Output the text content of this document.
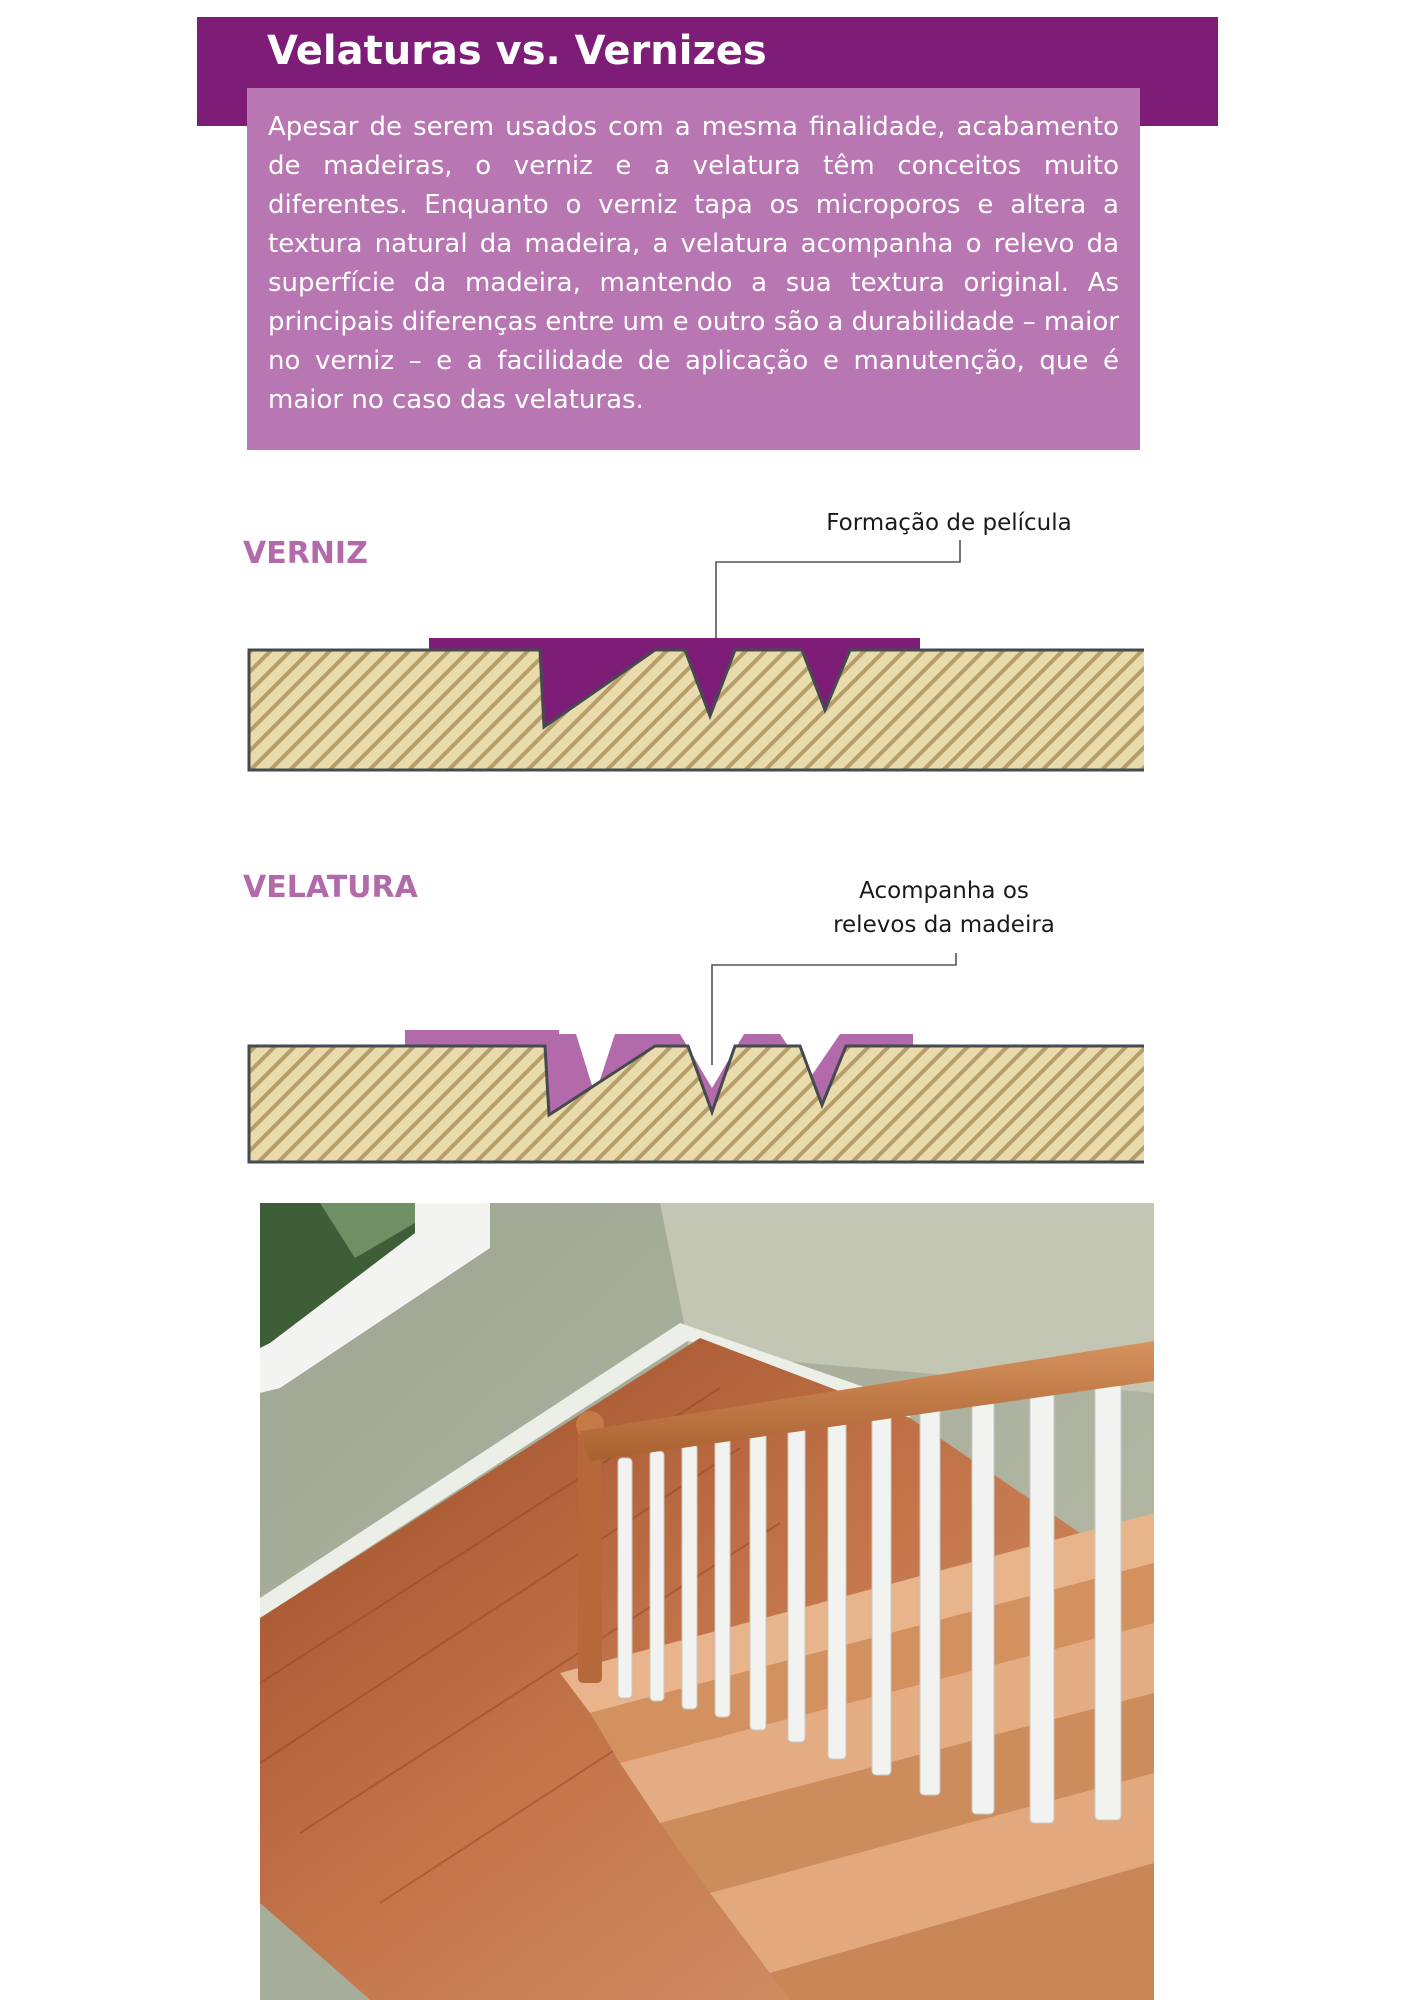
Velaturas vs. Vernizes

Apesar de serem usados com a mesma finalidade, acabamento de madeiras, o verniz e a velatura têm conceitos muito diferentes. Enquanto o verniz tapa os microporos e altera a textura natural da madeira, a velatura acompanha o relevo da superfície da madeira, mantendo a sua textura original. As principais diferenças entre um e outro são a durabilidade – maior no verniz – e a facilidade de aplicação e manutenção, que é maior no caso das velaturas.

VERNIZ
Formação de película
VELATURA	Acompanha os
relevos da madeira
